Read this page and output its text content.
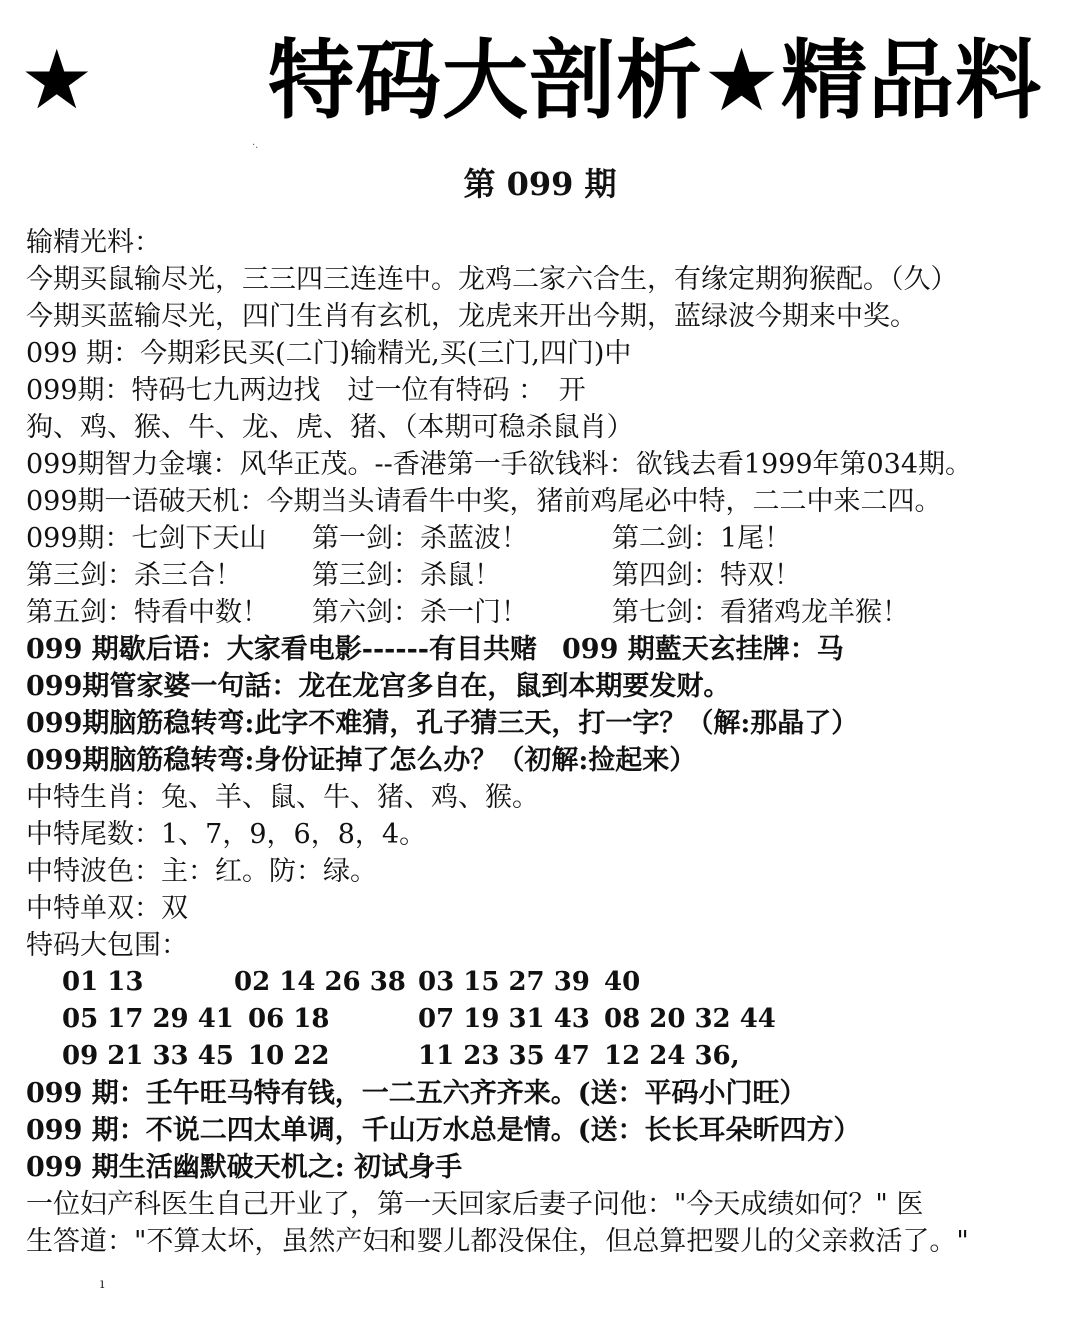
★ 特码大剖析★精品料
·.
第 099 期
输精光料：
今期买鼠输尽光，三三四三连连中。龙鸡二家六合生，有缘定期狗猴配。（久）
今期买蓝输尽光，四门生肖有玄机，龙虎来开出今期，蓝绿波今期来中奖。
099 期：今期彩民买(二门)输精光,买(三门,四门)中
099期：特码七九两边找　过一位有特码 ：　开
狗、鸡、猴、牛、龙、虎、猪、（本期可稳杀鼠肖）
099期智力金壤：风华正茂。--香港第一手欲钱料：欲钱去看1999年第034期。
099期一语破天机：今期当头请看牛中奖，猪前鸡尾必中特，二二中来二四。
099期：七剑下天山 第一剑：杀蓝波！	第二剑：1尾！
第三剑：杀三合！	第三剑：杀鼠！	第四剑：特双！
第五剑：特看中数！ 第六剑：杀一门！	第七剑：看猪鸡龙羊猴！
099 期歇后语：大家看电影------有目共赌 099 期藍天玄挂牌：马
099期管家婆一句話：龙在龙宫多自在，鼠到本期要发财。
099期脑筋稳转弯:此字不难猜，孔子猜三天，打一字？（解:那晶了）
099期脑筋稳转弯:身份证掉了怎么办？（初解:捡起来）
中特生肖：兔、羊、鼠、牛、猪、鸡、猴。
中特尾数：1、7，9，6，8，4。
中特波色：主：红。防：绿。
中特单双：双
特码大包围：
01 13	02 14 26 38 03 15 27 39 40
05 17 29 41 06 18	07 19 31 43 08 20 32 44
09 21 33 45 10 22	11 23 35 47 12 24 36,
099 期：壬午旺马特有钱，一二五六齐齐来。(送：平码小门旺）
099 期：不说二四太单调，千山万水总是情。(送：长长耳朵昕四方）
099 期生活幽默破天机之: 初试身手
一位妇产科医生自己开业了，第一天回家后妻子问他："今天成绩如何？" 医
生答道："不算太坏，虽然产妇和婴儿都没保住，但总算把婴儿的父亲救活了。"
ı
